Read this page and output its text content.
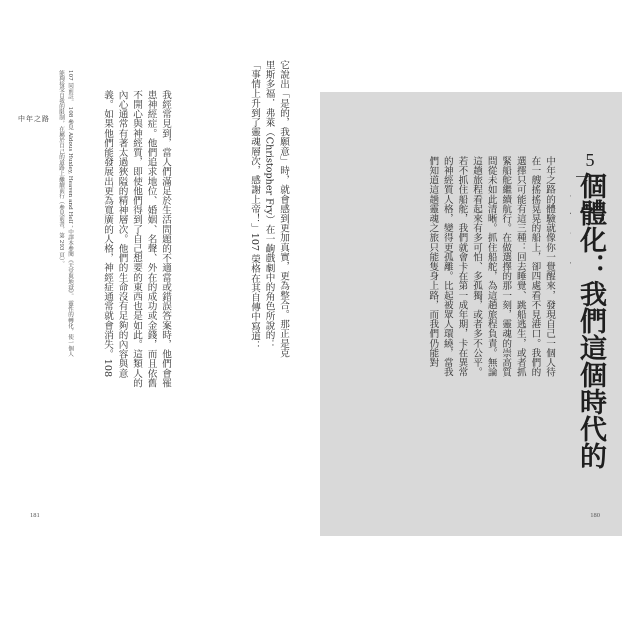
中年之路
181	180
107 同前註。 108 參見 Aldous Huxley, Heaven and Hell；中譯本參閱《天堂與地獄》。 靈性的轉化，使一個人能夠接受自我的限制，在屬於自己的道路上繼續前行（參見前書，第 293 頁）。	它說出「是的，我願意」時，就會感到更加真實，更為整合。那正是克里斯多福．弗萊（Christopher Fry）在一齣戲劇中的角色所說的：「事情上升到了靈魂層次，感謝上帝！」107 榮格在其自傳中寫道：
我經常見到，當人們滿足於生活問題的不適當或錯誤答案時，他們會罹患神經症。他們追求地位、婚姻、名聲、外在的成功或金錢，而且依舊不開心與神經質，即使他們得到了自己想要的東西也是如此。這類人的內心通常有著太過狹隘的精神層次。他們的生命沒有足夠的內容與意義。如果他們能發展出更為寬廣的人格，神經症通常就會消失。108	5
個體化：我們這個時代的
中年之路的體驗就像你一覺醒來，發現自己一個人待在一艘搖搖晃晃的船上，卻四處看不見港口。我們的選擇只可能有這三種：回去睡覺、跳船逃生，或者抓緊船舵繼續航行。在做選擇的那一刻，靈魂的崇高質問從未如此清晰。抓住船舵，為這趟旅程負責。無論這趟旅程看起來有多可怕、多孤獨，或者多不公平。若不抓住船舵，我們就會卡在第一成年期，卡在異常的神經質人格，變得更孤離。比起被眾人環繞，當我們知道這趟靈魂之旅只能隻身上路，而我們仍能對
